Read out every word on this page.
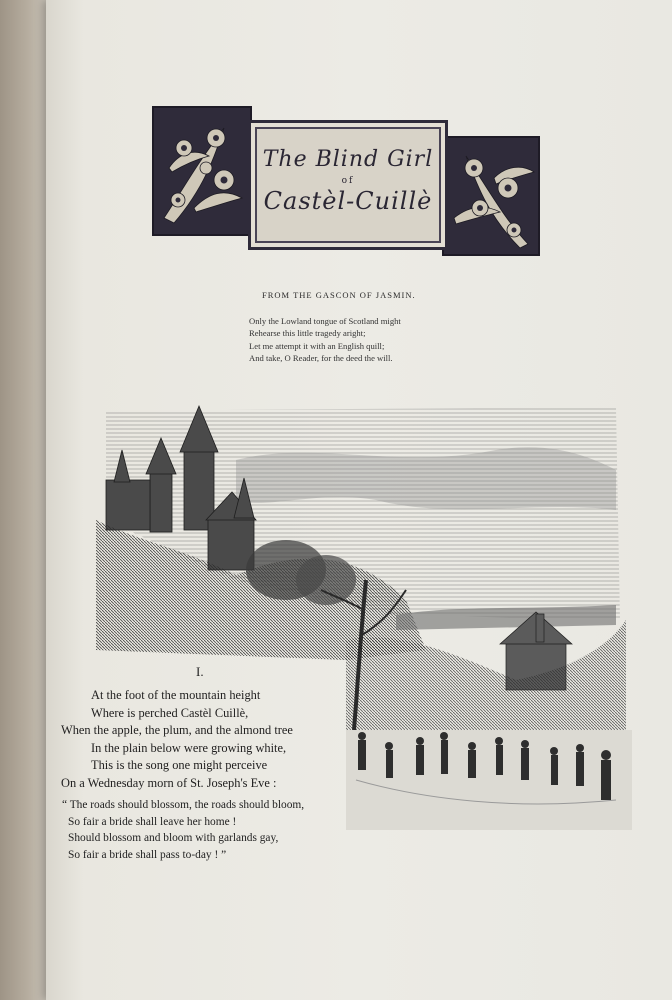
The Blind Girl
of
Castèl-Cuillè
FROM THE GASCON OF JASMIN.
Only the Lowland tongue of Scotland might
Rehearse this little tragedy aright;
Let me attempt it with an English quill;
And take, O Reader, for the deed the will.
I.
At the foot of the mountain height
Where is perched Castèl Cuillè,
When the apple, the plum, and the almond tree
In the plain below were growing white,
This is the song one might perceive
On a Wednesday morn of St. Joseph's Eve :
“ The roads should blossom, the roads should bloom,
So fair a bride shall leave her home !
Should blossom and bloom with garlands gay,
So fair a bride shall pass to-day ! ”
